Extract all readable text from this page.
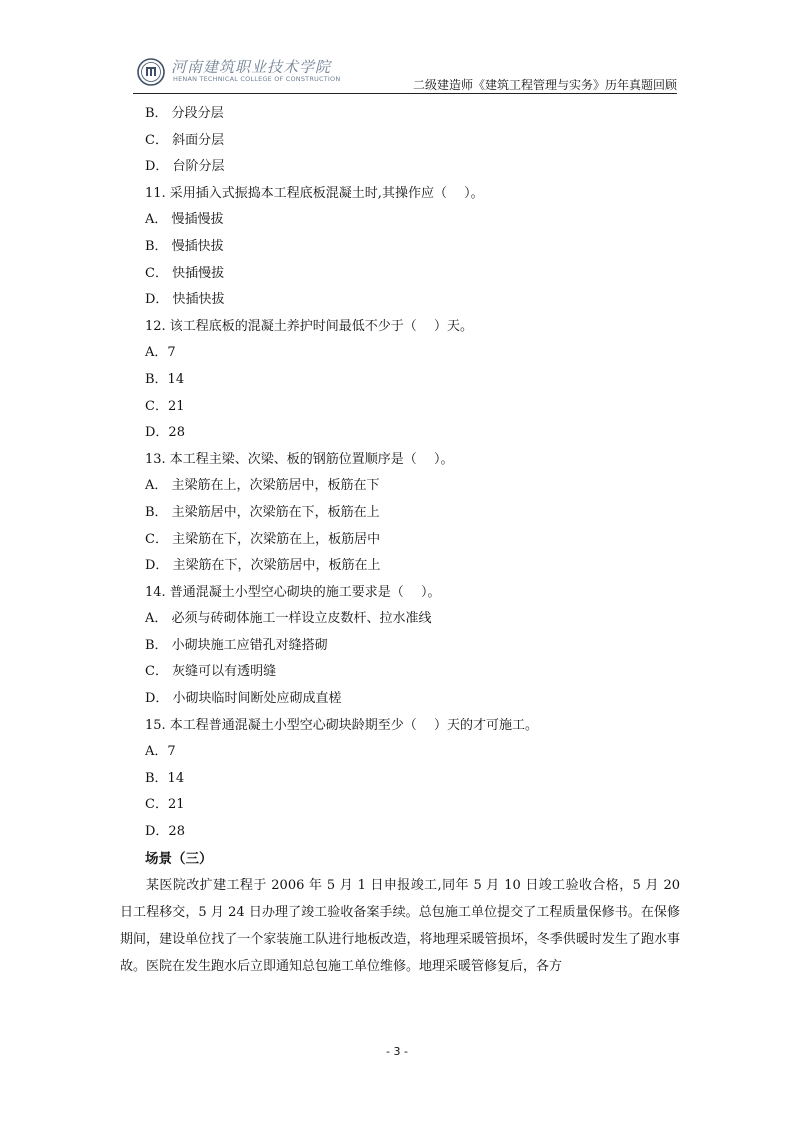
河南建筑职业技术学院
HENAN TECHNICAL COLLEGE OF CONSTRUCTION	二级建造师《建筑工程管理与实务》历年真题回顾
B． 分段分层
C． 斜面分层
D． 台阶分层
11. 采用插入式振捣本工程底板混凝土时,其操作应（　 ）。
A． 慢插慢拔
B． 慢插快拔
C． 快插慢拔
D． 快插快拔
12. 该工程底板的混凝土养护时间最低不少于（　 ）天。
A．7
B．14
C．21
D．28
13. 本工程主梁、次梁、板的钢筋位置顺序是（　 ）。
A． 主梁筋在上，次梁筋居中，板筋在下
B． 主梁筋居中，次梁筋在下，板筋在上
C． 主梁筋在下，次梁筋在上，板筋居中
D． 主梁筋在下，次梁筋居中，板筋在上
14. 普通混凝土小型空心砌块的施工要求是（　 ）。
A． 必须与砖砌体施工一样设立皮数杆、拉水准线
B． 小砌块施工应错孔对缝搭砌
C． 灰缝可以有透明缝
D． 小砌块临时间断处应砌成直槎
15. 本工程普通混凝土小型空心砌块龄期至少（　 ）天的才可施工。
A．7
B．14
C．21
D．28
场景（三）

某医院改扩建工程于 2006 年 5 月 1 日申报竣工,同年 5 月 10 日竣工验收合格，5 月 20 日工程移交，5 月 24 日办理了竣工验收备案手续。总包施工单位提交了工程质量保修书。在保修期间，建设单位找了一个家装施工队进行地板改造，将地理采暖管损坏，冬季供暖时发生了跑水事故。医院在发生跑水后立即通知总包施工单位维修。地理采暖管修复后，各方

- 3 -
